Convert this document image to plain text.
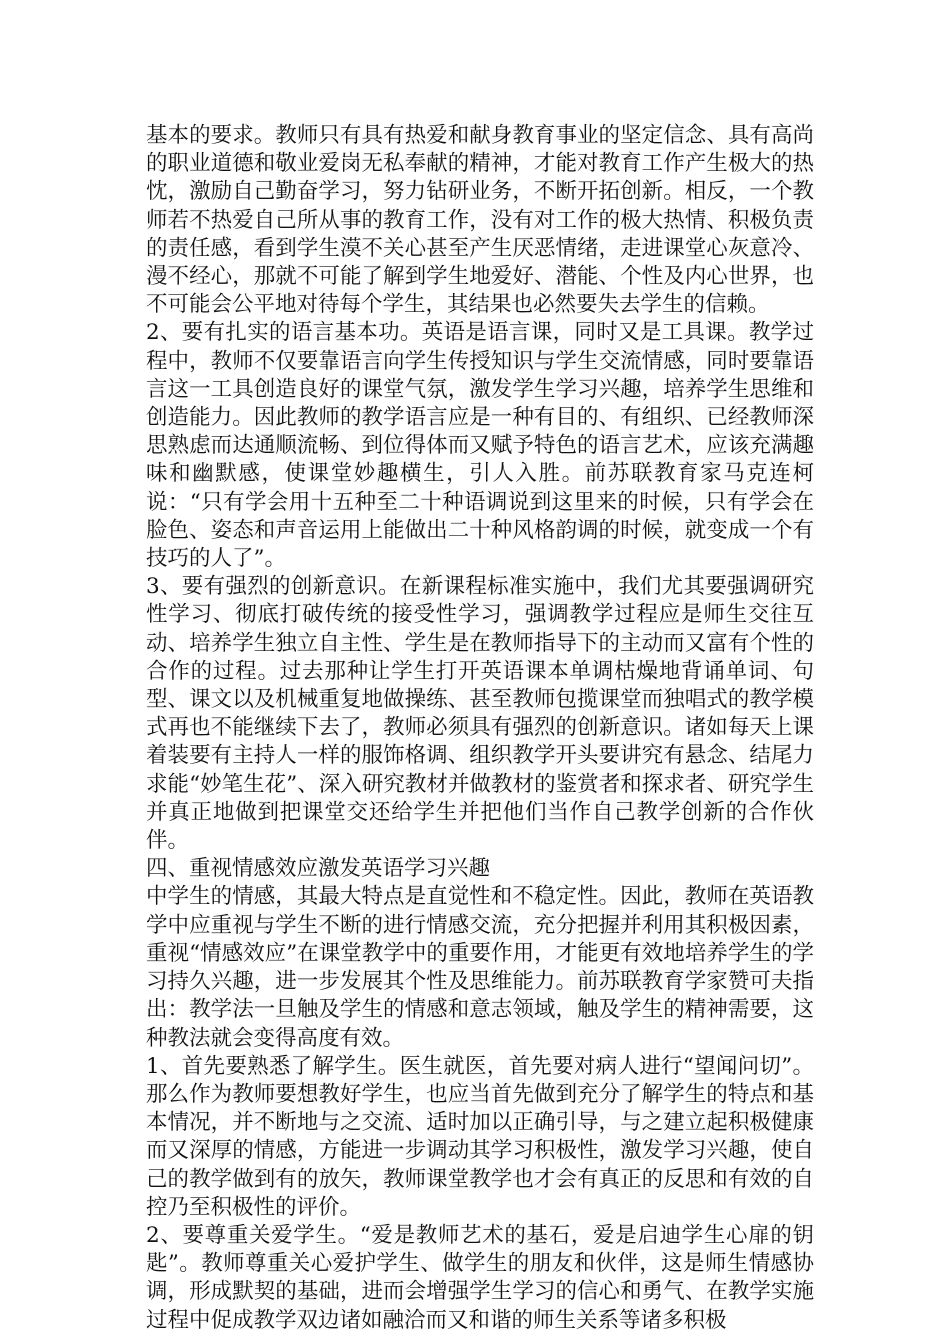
基本的要求。教师只有具有热爱和献身教育事业的坚定信念、具有高尚的职业道德和敬业爱岗无私奉献的精神，才能对教育工作产生极大的热忱，激励自己勤奋学习，努力钻研业务，不断开拓创新。相反，一个教师若不热爱自己所从事的教育工作，没有对工作的极大热情、积极负责的责任感，看到学生漠不关心甚至产生厌恶情绪，走进课堂心灰意冷、漫不经心，那就不可能了解到学生地爱好、潜能、个性及内心世界，也不可能会公平地对待每个学生，其结果也必然要失去学生的信赖。

2、要有扎实的语言基本功。英语是语言课，同时又是工具课。教学过程中，教师不仅要靠语言向学生传授知识与学生交流情感，同时要靠语言这一工具创造良好的课堂气氛，激发学生学习兴趣，培养学生思维和创造能力。因此教师的教学语言应是一种有目的、有组织、已经教师深思熟虑而达通顺流畅、到位得体而又赋予特色的语言艺术，应该充满趣味和幽默感，使课堂妙趣横生，引人入胜。前苏联教育家马克连柯说：“只有学会用十五种至二十种语调说到这里来的时候，只有学会在脸色、姿态和声音运用上能做出二十种风格韵调的时候，就变成一个有技巧的人了”。

3、要有强烈的创新意识。在新课程标准实施中，我们尤其要强调研究性学习、彻底打破传统的接受性学习，强调教学过程应是师生交往互动、培养学生独立自主性、学生是在教师指导下的主动而又富有个性的合作的过程。过去那种让学生打开英语课本单调枯燥地背诵单词、句型、课文以及机械重复地做操练、甚至教师包揽课堂而独唱式的教学模式再也不能继续下去了，教师必须具有强烈的创新意识。诸如每天上课着装要有主持人一样的服饰格调、组织教学开头要讲究有悬念、结尾力求能“妙笔生花”、深入研究教材并做教材的鉴赏者和探求者、研究学生并真正地做到把课堂交还给学生并把他们当作自己教学创新的合作伙伴。

四、重视情感效应激发英语学习兴趣

中学生的情感，其最大特点是直觉性和不稳定性。因此，教师在英语教学中应重视与学生不断的进行情感交流，充分把握并利用其积极因素，重视“情感效应”在课堂教学中的重要作用，才能更有效地培养学生的学习持久兴趣，进一步发展其个性及思维能力。前苏联教育学家赞可夫指出：教学法一旦触及学生的情感和意志领域，触及学生的精神需要，这种教法就会变得高度有效。

1、首先要熟悉了解学生。医生就医，首先要对病人进行“望闻问切”。那么作为教师要想教好学生，也应当首先做到充分了解学生的特点和基本情况，并不断地与之交流、适时加以正确引导，与之建立起积极健康而又深厚的情感，方能进一步调动其学习积极性，激发学习兴趣，使自己的教学做到有的放矢，教师课堂教学也才会有真正的反思和有效的自控乃至积极性的评价。

2、要尊重关爱学生。“爱是教师艺术的基石，爱是启迪学生心扉的钥匙”。教师尊重关心爱护学生、做学生的朋友和伙伴，这是师生情感协调，形成默契的基础，进而会增强学生学习的信心和勇气、在教学实施过程中促成教学双边诸如融洽而又和谐的师生关系等诸多积极
